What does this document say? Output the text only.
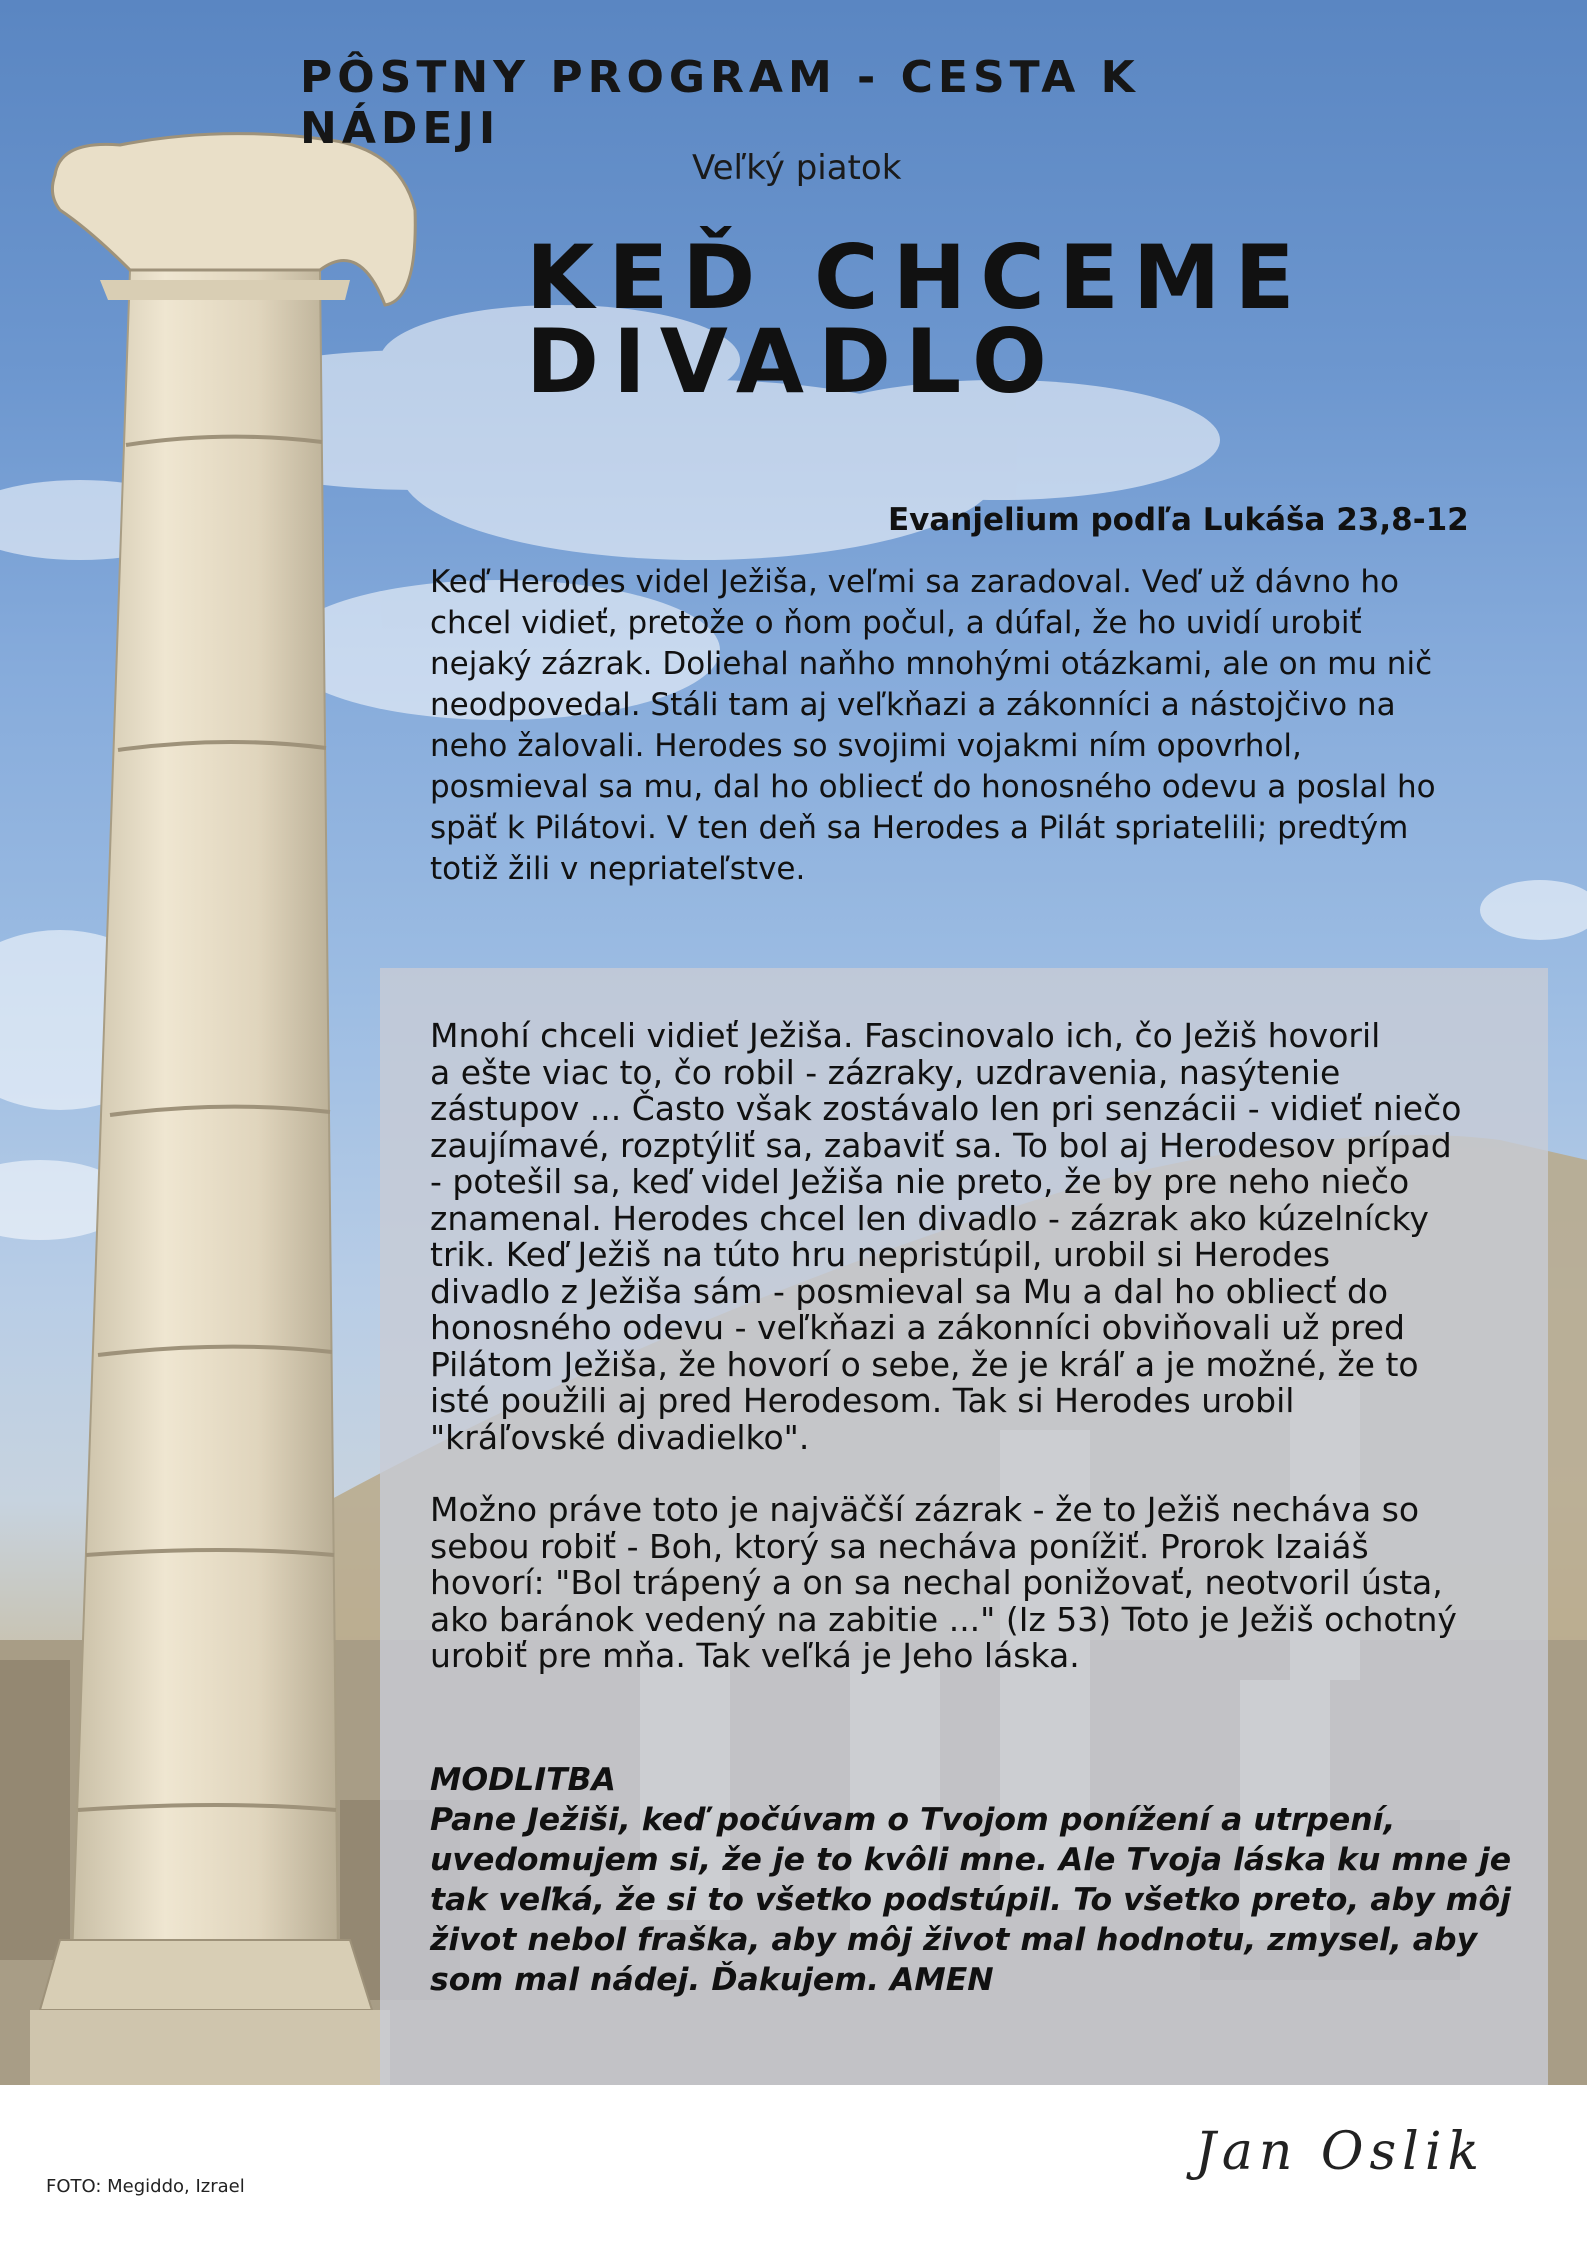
PÔSTNY PROGRAM - CESTA K NÁDEJI
Veľký piatok
KEĎ CHCEME
DIVADLO
Evanjelium podľa Lukáša 23,8-12
Keď Herodes videl Ježiša, veľmi sa zaradoval. Veď už dávno ho
chcel vidieť, pretože o ňom počul, a dúfal, že ho uvidí urobiť
nejaký zázrak. Doliehal naňho mnohými otázkami, ale on mu nič
neodpovedal. Stáli tam aj veľkňazi a zákonníci a nástojčivo na
neho žalovali. Herodes so svojimi vojakmi ním opovrhol,
posmieval sa mu, dal ho obliecť do honosného odevu a poslal ho
späť k Pilátovi. V ten deň sa Herodes a Pilát spriatelili; predtým
totiž žili v nepriateľstve.
Mnohí chceli vidieť Ježiša. Fascinovalo ich, čo Ježiš hovoril
a ešte viac to, čo robil - zázraky, uzdravenia, nasýtenie
zástupov ... Často však zostávalo len pri senzácii - vidieť niečo
zaujímavé, rozptýliť sa, zabaviť sa. To bol aj Herodesov prípad
- potešil sa, keď videl Ježiša nie preto, že by pre neho niečo
znamenal. Herodes chcel len divadlo - zázrak ako kúzelnícky
trik. Keď Ježiš na túto hru nepristúpil, urobil si Herodes
divadlo z Ježiša sám - posmieval sa Mu a dal ho obliecť do
honosného odevu - veľkňazi a zákonníci obviňovali už pred
Pilátom Ježiša, že hovorí o sebe, že je kráľ a je možné, že to
isté použili aj pred Herodesom. Tak si Herodes urobil
"kráľovské divadielko".
Možno práve toto je najväčší zázrak - že to Ježiš necháva so
sebou robiť - Boh, ktorý sa necháva ponížiť. Prorok Izaiáš
hovorí: "Bol trápený a on sa nechal ponižovať, neotvoril ústa,
ako baránok vedený na zabitie ..." (Iz 53) Toto je Ježiš ochotný
urobiť pre mňa. Tak veľká je Jeho láska.
MODLITBA
Pane Ježiši, keď počúvam o Tvojom ponížení a utrpení,
uvedomujem si, že je to kvôli mne. Ale Tvoja láska ku mne je
tak veľká, že si to všetko podstúpil. To všetko preto, aby môj
život nebol fraška, aby môj život mal hodnotu, zmysel, aby
som mal nádej. Ďakujem. AMEN
FOTO: Megiddo, Izrael
Jan Oslik
